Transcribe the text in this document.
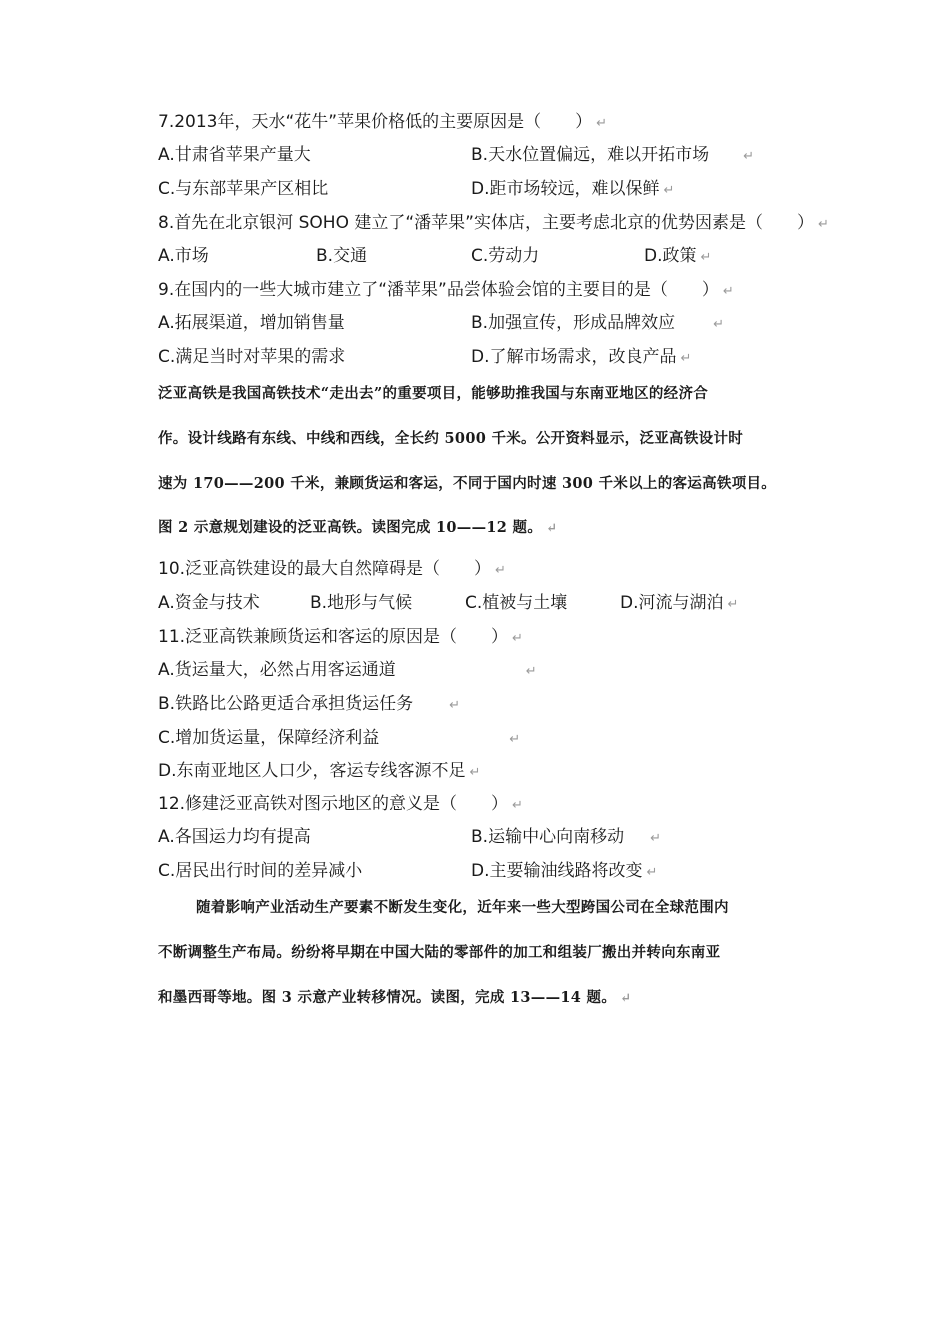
7.2013年，天水“花牛”苹果价格低的主要原因是（　　） ↵
A.甘肃省苹果产量大	B.天水位置偏远，难以开拓市场	↵
C.与东部苹果产区相比	D.距市场较远，难以保鲜 ↵
8.首先在北京银河 SOHO 建立了“潘苹果”实体店，主要考虑北京的优势因素是（　　） ↵
A.市场	B.交通	C.劳动力	D.政策 ↵
9.在国内的一些大城市建立了“潘苹果”品尝体验会馆的主要目的是（　　） ↵
A.拓展渠道，增加销售量	B.加强宣传，形成品牌效应	↵
C.满足当时对苹果的需求	D.了解市场需求，改良产品 ↵
泛亚高铁是我国高铁技术“走出去”的重要项目，能够助推我国与东南亚地区的经济合
作。设计线路有东线、中线和西线，全长约 5000 千米。公开资料显示，泛亚高铁设计时
速为 170——200 千米，兼顾货运和客运，不同于国内时速 300 千米以上的客运高铁项目。
图 2 示意规划建设的泛亚高铁。读图完成 10——12 题。 ↵
10.泛亚高铁建设的最大自然障碍是（　　） ↵
A.资金与技术	B.地形与气候	C.植被与土壤	D.河流与湖泊 ↵
11.泛亚高铁兼顾货运和客运的原因是（　　） ↵
A.货运量大，必然占用客运通道	↵
B.铁路比公路更适合承担货运任务	↵
C.增加货运量，保障经济利益	↵
D.东南亚地区人口少，客运专线客源不足 ↵
12.修建泛亚高铁对图示地区的意义是（　　） ↵
A.各国运力均有提高	B.运输中心向南移动 ↵
C.居民出行时间的差异减小	D.主要输油线路将改变 ↵
随着影响产业活动生产要素不断发生变化，近年来一些大型跨国公司在全球范围内
不断调整生产布局。纷纷将早期在中国大陆的零部件的加工和组装厂搬出并转向东南亚
和墨西哥等地。图 3 示意产业转移情况。读图，完成 13——14 题。 ↵
